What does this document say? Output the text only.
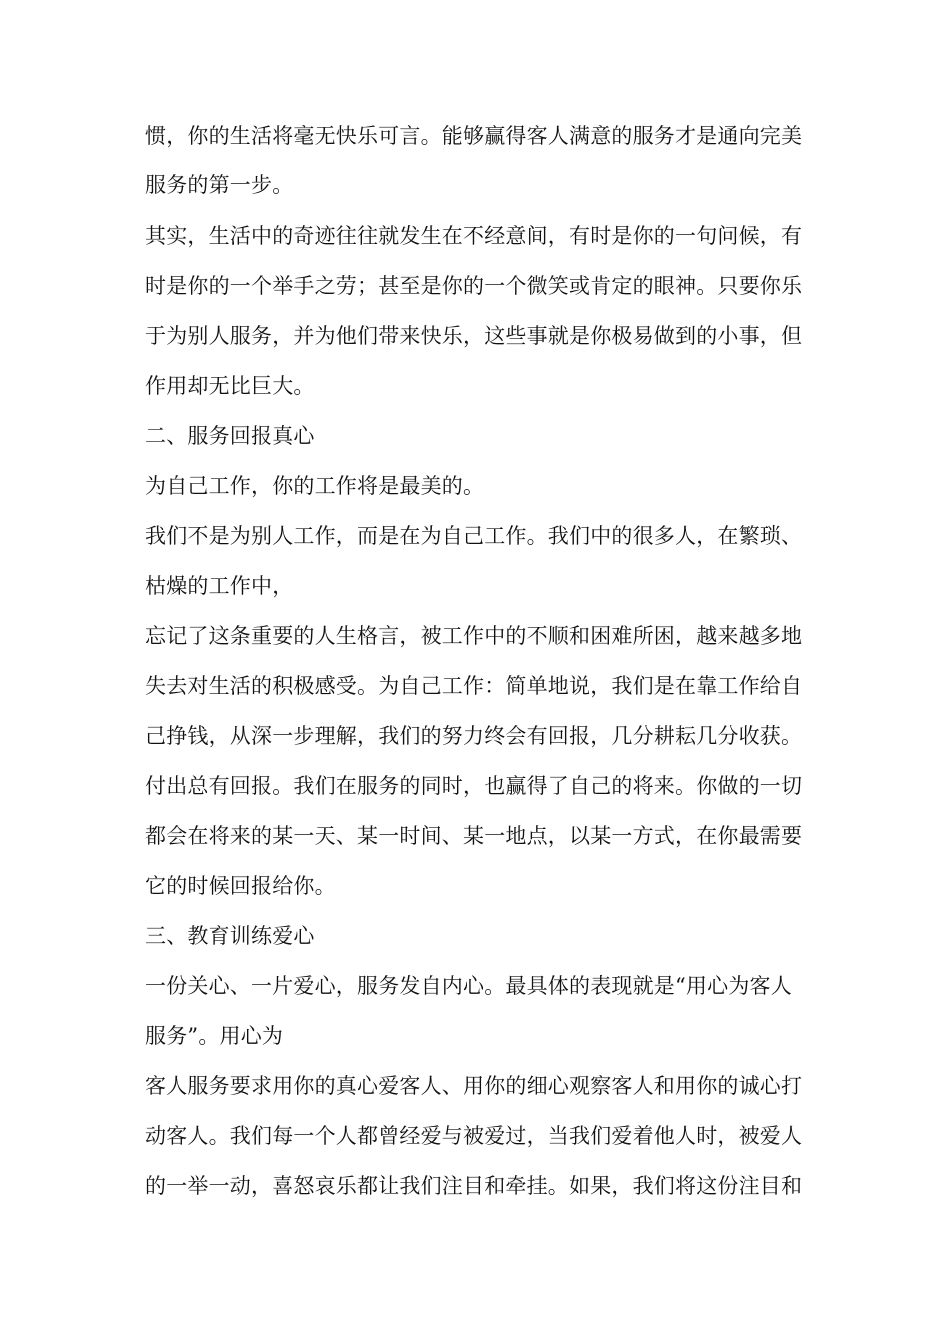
惯，你的生活将毫无快乐可言。能够赢得客人满意的服务才是通向完美
服务的第一步。
其实，生活中的奇迹往往就发生在不经意间，有时是你的一句问候，有
时是你的一个举手之劳；甚至是你的一个微笑或肯定的眼神。只要你乐
于为别人服务，并为他们带来快乐，这些事就是你极易做到的小事，但
作用却无比巨大。
二、服务回报真心
为自己工作，你的工作将是最美的。
我们不是为别人工作，而是在为自己工作。我们中的很多人，在繁琐、
枯燥的工作中，
忘记了这条重要的人生格言，被工作中的不顺和困难所困，越来越多地
失去对生活的积极感受。为自己工作：简单地说，我们是在靠工作给自
己挣钱，从深一步理解，我们的努力终会有回报，几分耕耘几分收获。
付出总有回报。我们在服务的同时，也赢得了自己的将来。你做的一切
都会在将来的某一天、某一时间、某一地点，以某一方式，在你最需要
它的时候回报给你。
三、教育训练爱心
一份关心、一片爱心，服务发自内心。最具体的表现就是“用心为客人
服务”。用心为
客人服务要求用你的真心爱客人、用你的细心观察客人和用你的诚心打
动客人。我们每一个人都曾经爱与被爱过，当我们爱着他人时，被爱人
的一举一动，喜怒哀乐都让我们注目和牵挂。如果，我们将这份注目和
